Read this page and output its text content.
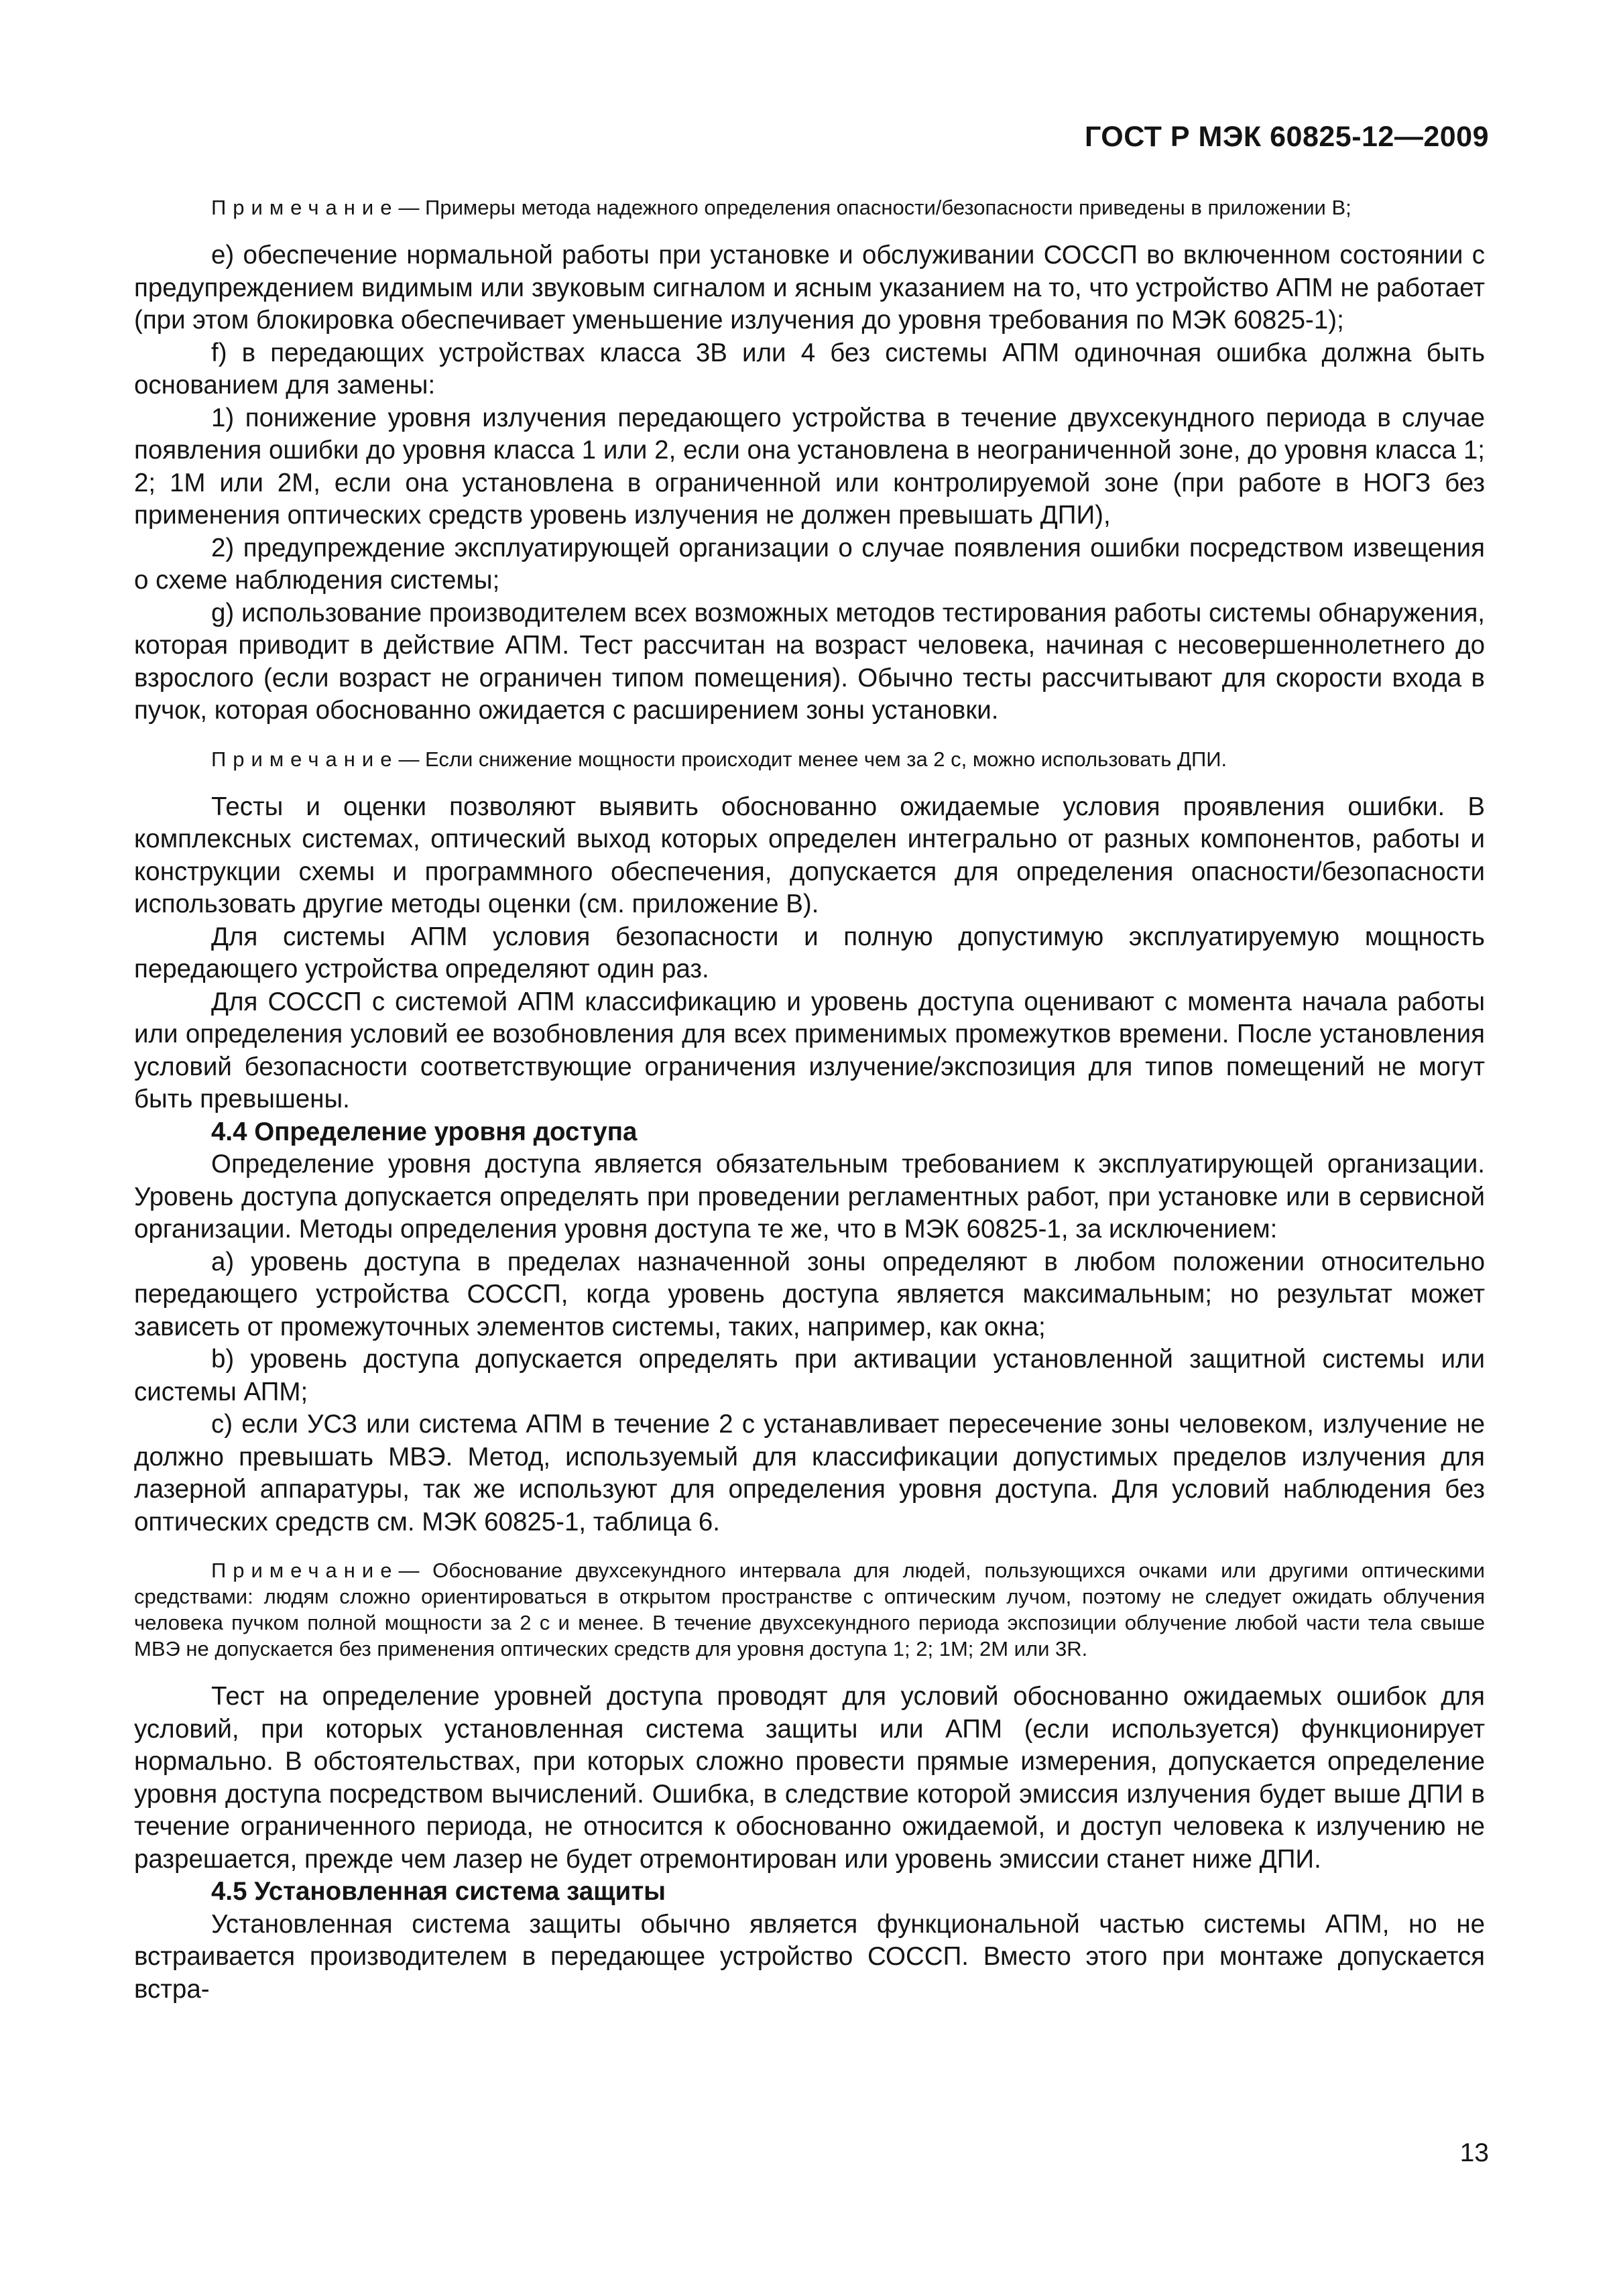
ГОСТ Р МЭК 60825-12—2009

Примечание— Примеры метода надежного определения опасности/безопасности приведены в приложении В;

е) обеспечение нормальной работы при установке и обслуживании СОССП во включенном состоянии с предупреждением видимым или звуковым сигналом и ясным указанием на то, что устройство АПМ не работает (при этом блокировка обеспечивает уменьшение излучения до уровня требования по МЭК 60825-1);

f) в передающих устройствах класса 3В или 4 без системы АПМ одиночная ошибка должна быть основанием для замены:

1) понижение уровня излучения передающего устройства в течение двухсекундного периода в случае появления ошибки до уровня класса 1 или 2, если она установлена в неограниченной зоне, до уровня класса 1; 2; 1M или 2M, если она установлена в ограниченной или контролируемой зоне (при работе в НОГЗ без применения оптических средств уровень излучения не должен превышать ДПИ),

2) предупреждение эксплуатирующей организации о случае появления ошибки посредством извещения о схеме наблюдения системы;

g) использование производителем всех возможных методов тестирования работы системы обнаружения, которая приводит в действие АПМ. Тест рассчитан на возраст человека, начиная с несовершеннолетнего до взрослого (если возраст не ограничен типом помещения). Обычно тесты рассчитывают для скорости входа в пучок, которая обоснованно ожидается с расширением зоны установки.

Примечание— Если снижение мощности происходит менее чем за 2 с, можно использовать ДПИ.

Тесты и оценки позволяют выявить обоснованно ожидаемые условия проявления ошибки. В комплексных системах, оптический выход которых определен интегрально от разных компонентов, работы и конструкции схемы и программного обеспечения, допускается для определения опасности/безопасности использовать другие методы оценки (см. приложение В).

Для системы АПМ условия безопасности и полную допустимую эксплуатируемую мощность передающего устройства определяют один раз.

Для СОССП с системой АПМ классификацию и уровень доступа оценивают с момента начала работы или определения условий ее возобновления для всех применимых промежутков времени. После установления условий безопасности соответствующие ограничения излучение/экспозиция для типов помещений не могут быть превышены.

4.4 Определение уровня доступа

Определение уровня доступа является обязательным требованием к эксплуатирующей организации. Уровень доступа допускается определять при проведении регламентных работ, при установке или в сервисной организации. Методы определения уровня доступа те же, что в МЭК 60825-1, за исключением:

a) уровень доступа в пределах назначенной зоны определяют в любом положении относительно передающего устройства СОССП, когда уровень доступа является максимальным; но результат может зависеть от промежуточных элементов системы, таких, например, как окна;

b) уровень доступа допускается определять при активации установленной защитной системы или системы АПМ;

c) если УСЗ или система АПМ в течение 2 с устанавливает пересечение зоны человеком, излучение не должно превышать МВЭ. Метод, используемый для классификации допустимых пределов излучения для лазерной аппаратуры, так же используют для определения уровня доступа. Для условий наблюдения без оптических средств см. МЭК 60825-1, таблица 6.

Примечание— Обоснование двухсекундного интервала для людей, пользующихся очками или другими оптическими средствами: людям сложно ориентироваться в открытом пространстве с оптическим лучом, поэтому не следует ожидать облучения человека пучком полной мощности за 2 с и менее. В течение двухсекундного периода экспозиции облучение любой части тела свыше МВЭ не допускается без применения оптических средств для уровня доступа 1; 2; 1М; 2М или 3R.

Тест на определение уровней доступа проводят для условий обоснованно ожидаемых ошибок для условий, при которых установленная система защиты или АПМ (если используется) функционирует нормально. В обстоятельствах, при которых сложно провести прямые измерения, допускается определение уровня доступа посредством вычислений. Ошибка, в следствие которой эмиссия излучения будет выше ДПИ в течение ограниченного периода, не относится к обоснованно ожидаемой, и доступ человека к излучению не разрешается, прежде чем лазер не будет отремонтирован или уровень эмиссии станет ниже ДПИ.

4.5 Установленная система защиты

Установленная система защиты обычно является функциональной частью системы АПМ, но не встраивается производителем в передающее устройство СОССП. Вместо этого при монтаже допускается встра-

13
